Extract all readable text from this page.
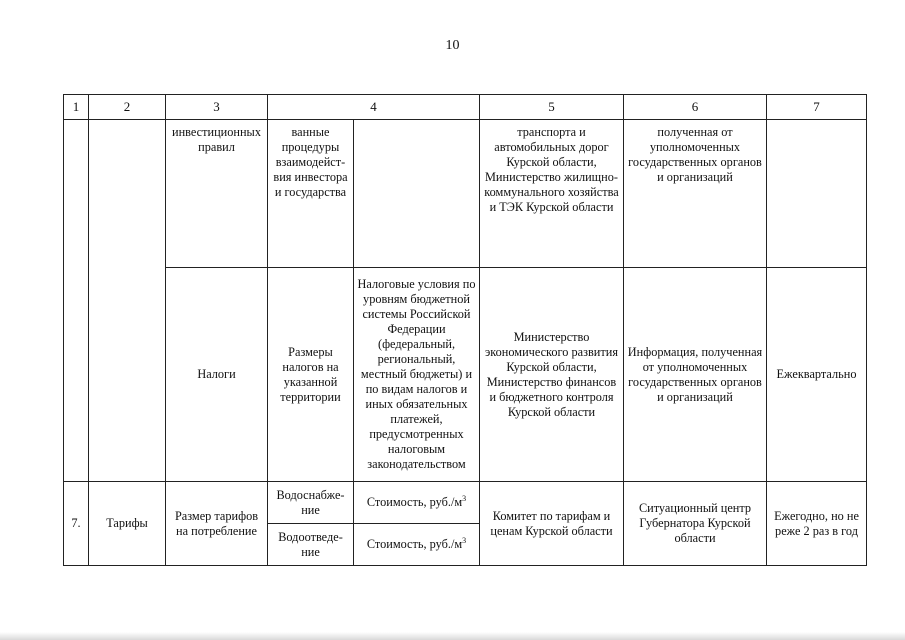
10
1	2	3	4		5	6	7
		инвестиционных правил	ванные процедуры взаимодейст-вия инвестора и государства		транспорта и автомобильных дорог Курской области, Министерство жилищно-коммунального хозяйства и ТЭК Курской области	полученная от уполномоченных государственных органов и организаций	
		Налоги	Размеры налогов на указанной территории	Налоговые условия по уровням бюджетной системы Российской Федерации (федеральный, региональный, местный бюджеты) и по видам налогов и иных обязательных платежей, предусмотренных налоговым законодательством	Министерство экономического развития Курской области, Министерство финансов и бюджетного контроля Курской области	Информация, полученная от уполномоченных государственных органов и организаций	Ежеквартально
7.	Тарифы	Размер тарифов на потребление	Водоснабже-ние	Стоимость, $руб./м^3$	Комитет по тарифам и ценам Курской области	Ситуационный центр Губернатора Курской области	Ежегодно, но не реже 2 раз в год
			Водоотведе-ние	Стоимость, $руб./м^3$
